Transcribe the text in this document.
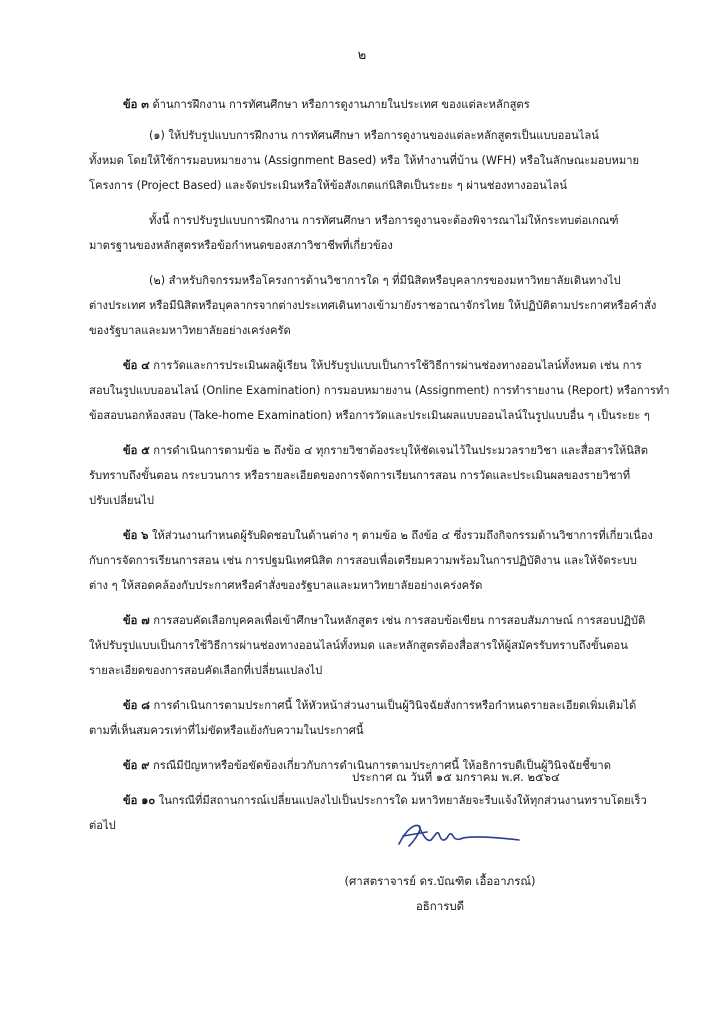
๒

ข้อ ๓ ด้านการฝึกงาน การทัศนศึกษา หรือการดูงานภายในประเทศ ของแต่ละหลักสูตร

(๑) ให้ปรับรูปแบบการฝึกงาน การทัศนศึกษา หรือการดูงานของแต่ละหลักสูตรเป็นแบบออนไลน์
ทั้งหมด โดยให้ใช้การมอบหมายงาน (Assignment Based) หรือ ให้ทำงานที่บ้าน (WFH) หรือในลักษณะมอบหมาย
โครงการ (Project Based) และจัดประเมินหรือให้ข้อสังเกตแก่นิสิตเป็นระยะ ๆ ผ่านช่องทางออนไลน์

ทั้งนี้ การปรับรูปแบบการฝึกงาน การทัศนศึกษา หรือการดูงานจะต้องพิจารณาไม่ให้กระทบต่อเกณฑ์
มาตรฐานของหลักสูตรหรือข้อกำหนดของสภาวิชาชีพที่เกี่ยวข้อง

(๒) สำหรับกิจกรรมหรือโครงการด้านวิชาการใด ๆ ที่มีนิสิตหรือบุคลากรของมหาวิทยาลัยเดินทางไป
ต่างประเทศ หรือมีนิสิตหรือบุคลากรจากต่างประเทศเดินทางเข้ามายังราชอาณาจักรไทย ให้ปฏิบัติตามประกาศหรือคำสั่ง
ของรัฐบาลและมหาวิทยาลัยอย่างเคร่งครัด

ข้อ ๔ การวัดและการประเมินผลผู้เรียน ให้ปรับรูปแบบเป็นการใช้วิธีการผ่านช่องทางออนไลน์ทั้งหมด เช่น การ
สอบในรูปแบบออนไลน์ (Online Examination) การมอบหมายงาน (Assignment) การทำรายงาน (Report) หรือการทำ
ข้อสอบนอกห้องสอบ (Take-home Examination) หรือการวัดและประเมินผลแบบออนไลน์ในรูปแบบอื่น ๆ เป็นระยะ ๆ

ข้อ ๕ การดำเนินการตามข้อ ๒ ถึงข้อ ๔ ทุกรายวิชาต้องระบุให้ชัดเจนไว้ในประมวลรายวิชา และสื่อสารให้นิสิต
รับทราบถึงขั้นตอน กระบวนการ หรือรายละเอียดของการจัดการเรียนการสอน การวัดและประเมินผลของรายวิชาที่
ปรับเปลี่ยนไป

ข้อ ๖ ให้ส่วนงานกำหนดผู้รับผิดชอบในด้านต่าง ๆ ตามข้อ ๒ ถึงข้อ ๔ ซึ่งรวมถึงกิจกรรมด้านวิชาการที่เกี่ยวเนื่อง
กับการจัดการเรียนการสอน เช่น การปฐมนิเทศนิสิต การสอบเพื่อเตรียมความพร้อมในการปฏิบัติงาน และให้จัดระบบ
ต่าง ๆ ให้สอดคล้องกับประกาศหรือคำสั่งของรัฐบาลและมหาวิทยาลัยอย่างเคร่งครัด

ข้อ ๗ การสอบคัดเลือกบุคคลเพื่อเข้าศึกษาในหลักสูตร เช่น การสอบข้อเขียน การสอบสัมภาษณ์ การสอบปฏิบัติ
ให้ปรับรูปแบบเป็นการใช้วิธีการผ่านช่องทางออนไลน์ทั้งหมด และหลักสูตรต้องสื่อสารให้ผู้สมัครรับทราบถึงขั้นตอน
รายละเอียดของการสอบคัดเลือกที่เปลี่ยนแปลงไป

ข้อ ๘ การดำเนินการตามประกาศนี้ ให้หัวหน้าส่วนงานเป็นผู้วินิจฉัยสั่งการหรือกำหนดรายละเอียดเพิ่มเติมได้
ตามที่เห็นสมควรเท่าที่ไม่ขัดหรือแย้งกับความในประกาศนี้

ข้อ ๙ กรณีมีปัญหาหรือข้อขัดข้องเกี่ยวกับการดำเนินการตามประกาศนี้ ให้อธิการบดีเป็นผู้วินิจฉัยชี้ขาด

ข้อ ๑๐ ในกรณีที่มีสถานการณ์เปลี่ยนแปลงไปเป็นประการใด มหาวิทยาลัยจะรีบแจ้งให้ทุกส่วนงานทราบโดยเร็ว
ต่อไป

ประกาศ ณ วันที่ ๑๕ มกราคม พ.ศ. ๒๕๖๔
(ศาสตราจารย์ ดร.บัณฑิต เอื้ออาภรณ์)
อธิการบดี
